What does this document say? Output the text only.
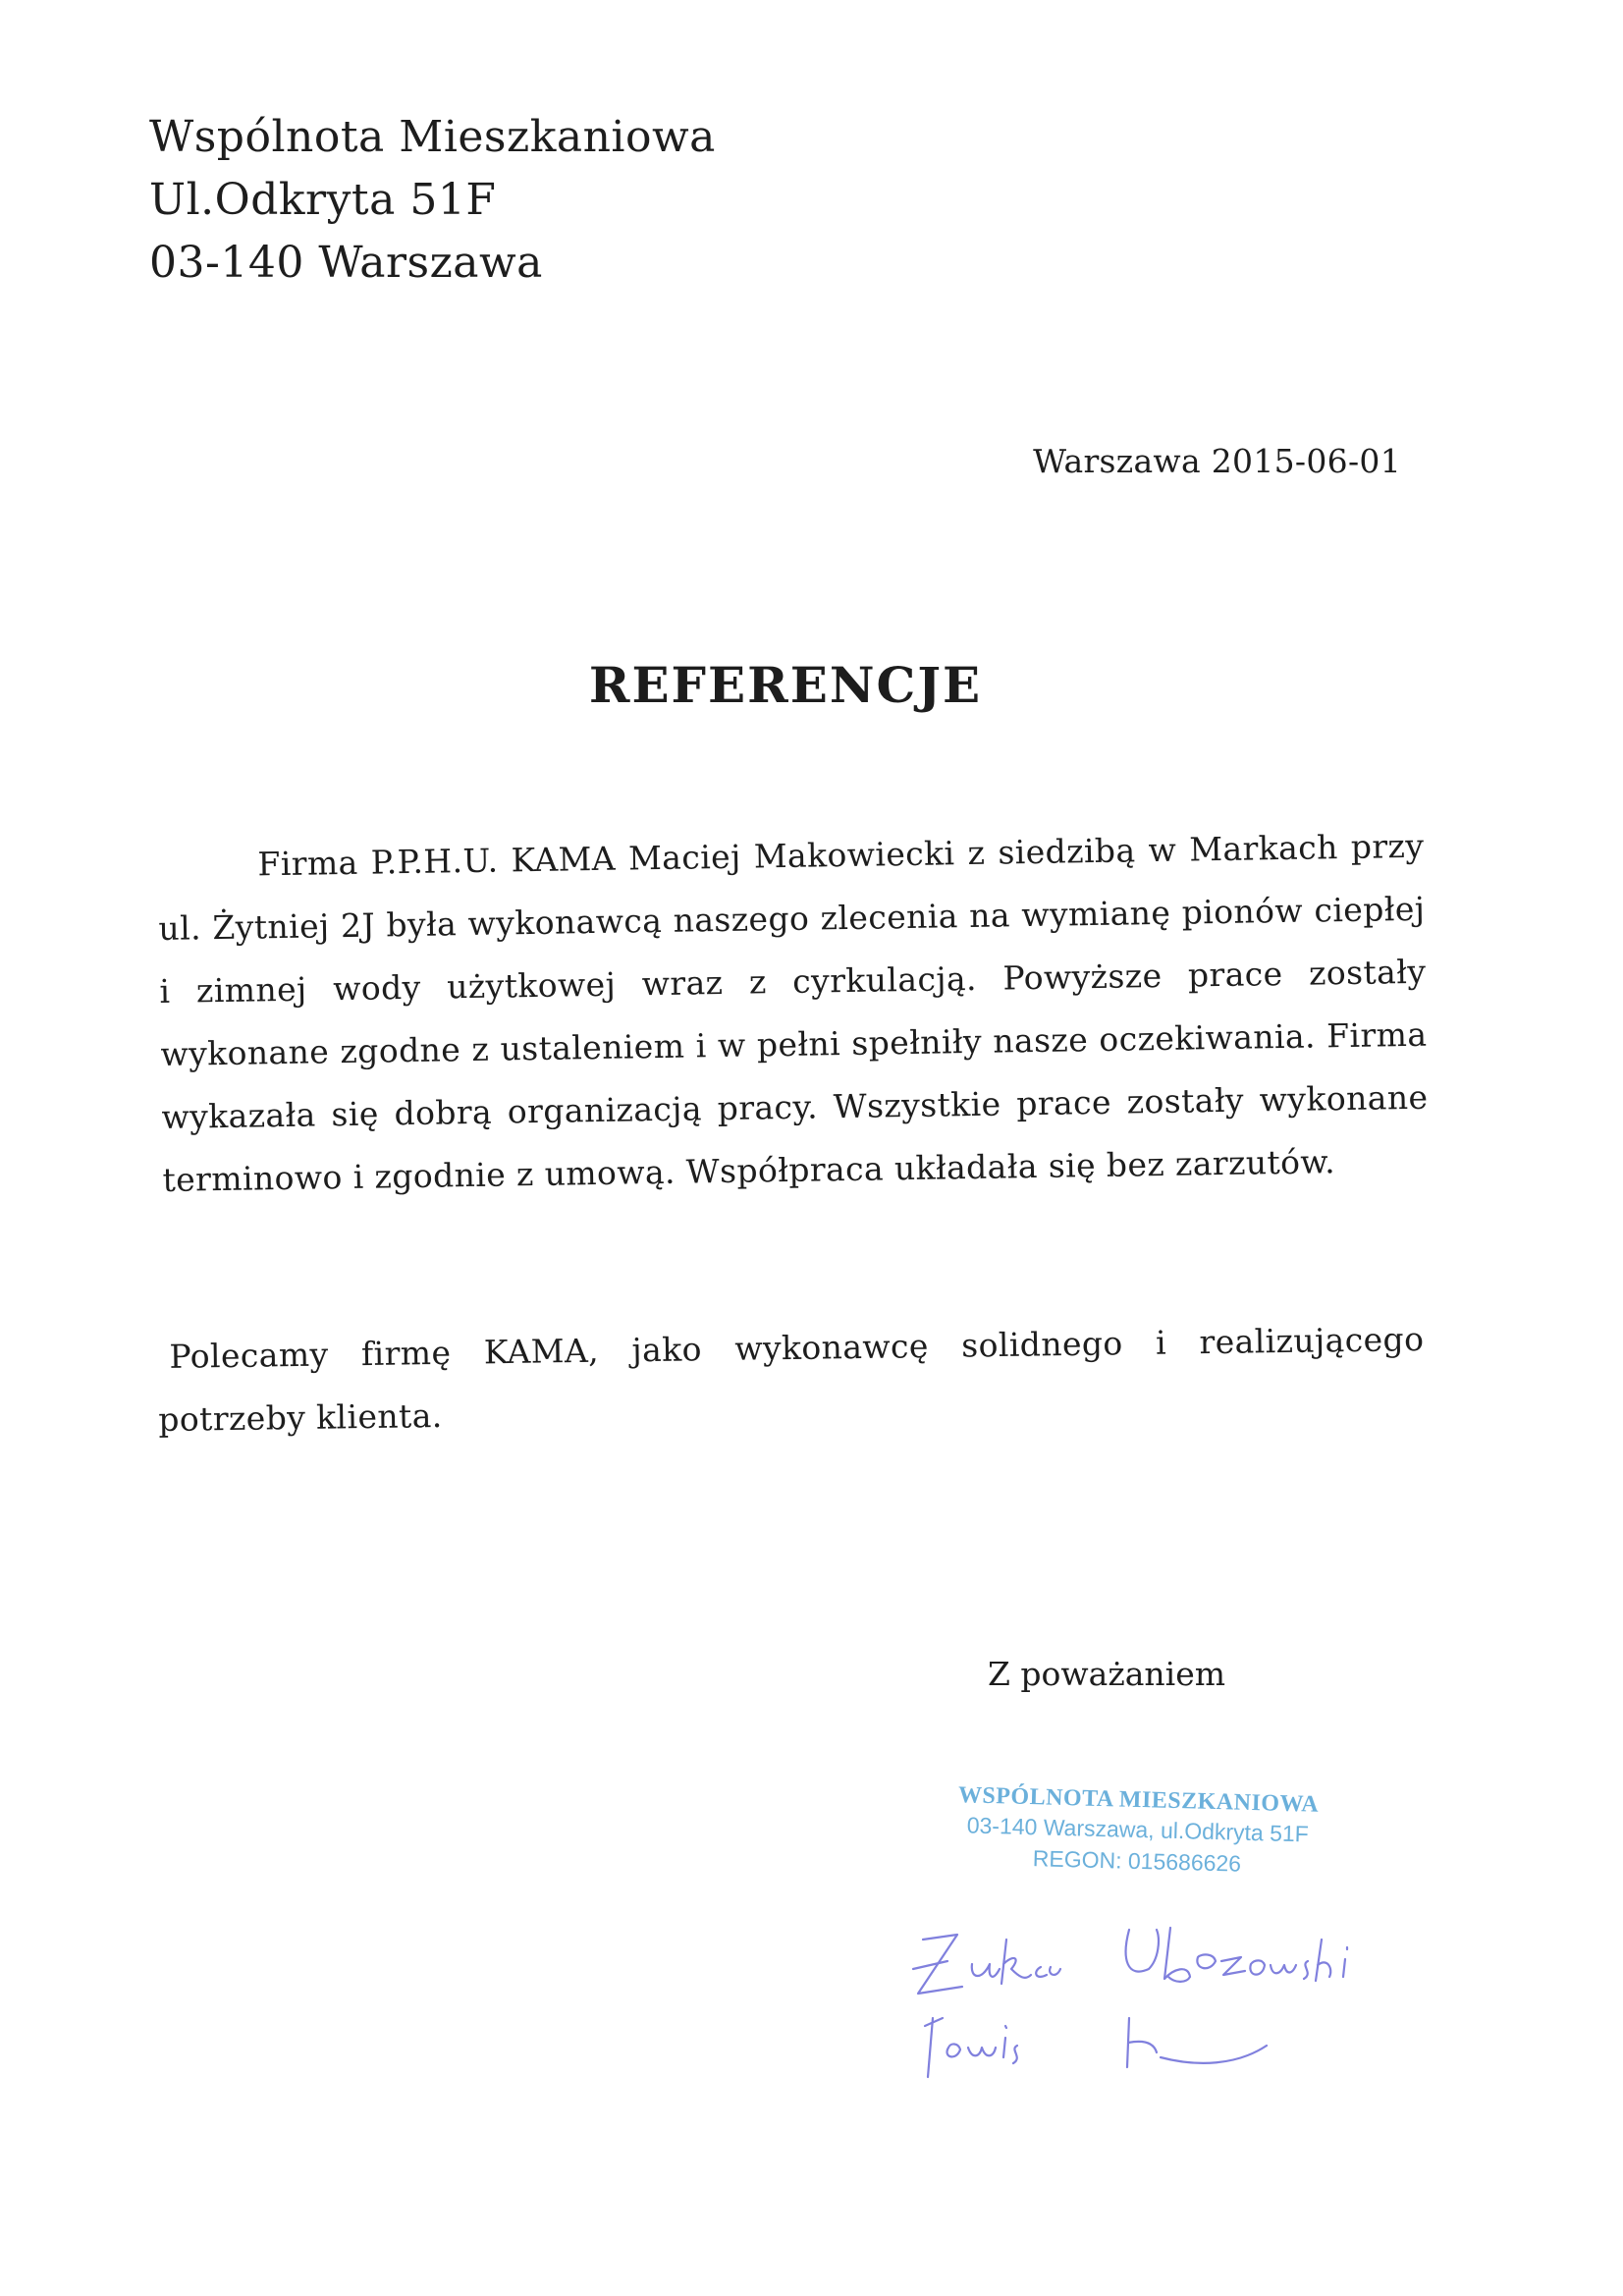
Wspólnota Mieszkaniowa
Ul.Odkryta 51F
03-140 Warszawa
Warszawa 2015-06-01
REFERENCJE

Firma P.P.H.U. KAMA Maciej Makowiecki z siedzibą w Markach przy ul. Żytniej 2J była wykonawcą naszego zlecenia na wymianę pionów ciepłej i zimnej wody użytkowej wraz z cyrkulacją. Powyższe prace zostały wykonane zgodne z ustaleniem i w pełni spełniły nasze oczekiwania. Firma wykazała się dobrą organizacją pracy. Wszystkie prace zostały wykonane terminowo i zgodnie z umową. Współpraca układała się bez zarzutów.

Polecamy firmę KAMA, jako wykonawcę solidnego i realizującego potrzeby klienta.

Z poważaniem
WSPÓLNOTA MIESZKANIOWA
03-140 Warszawa, ul.Odkryta 51F
REGON: 015686626
